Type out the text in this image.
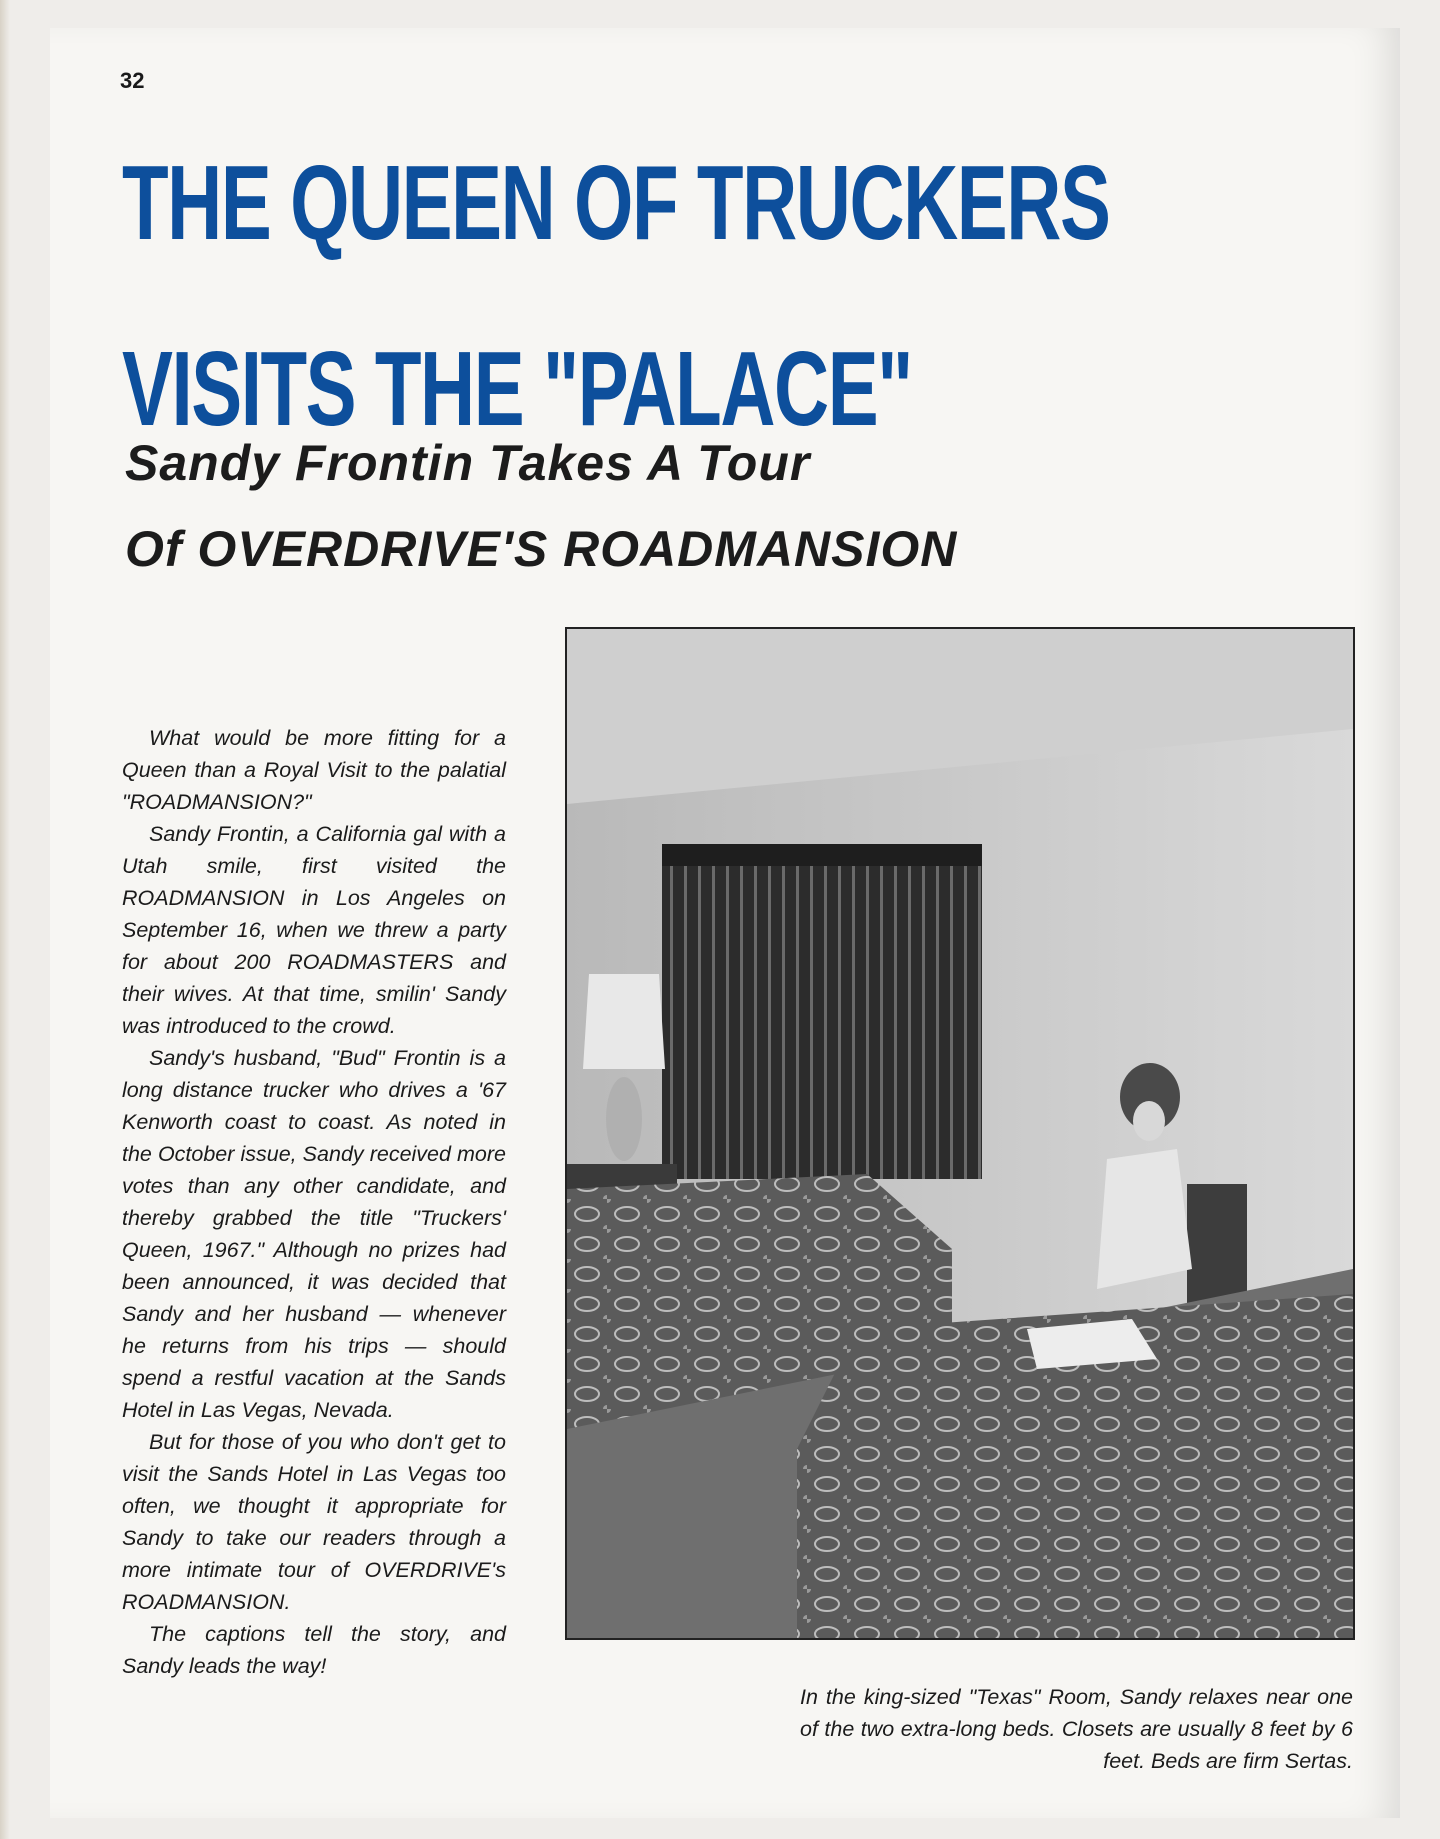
32
THE QUEEN OF TRUCKERS
VISITS THE "PALACE"
Sandy Frontin Takes A Tour
Of OVERDRIVE'S ROADMANSION

What would be more fitting for a Queen than a Royal Visit to the palatial "ROADMANSION?"

Sandy Frontin, a California gal with a Utah smile, first visited the ROADMANSION in Los Angeles on September 16, when we threw a party for about 200 ROADMASTERS and their wives. At that time, smilin' Sandy was introduced to the crowd.

Sandy's husband, "Bud" Frontin is a long distance trucker who drives a '67 Kenworth coast to coast. As noted in the October issue, Sandy received more votes than any other candidate, and thereby grabbed the title "Truckers' Queen, 1967." Although no prizes had been announced, it was decided that Sandy and her husband — whenever he returns from his trips — should spend a restful vacation at the Sands Hotel in Las Vegas, Nevada.

But for those of you who don't get to visit the Sands Hotel in Las Vegas too often, we thought it appropriate for Sandy to take our readers through a more intimate tour of OVERDRIVE's ROADMANSION.

The captions tell the story, and Sandy leads the way!

In the king-sized "Texas" Room, Sandy relaxes near one of the two extra-long beds. Closets are usually 8 feet by 6 feet. Beds are firm Sertas.
